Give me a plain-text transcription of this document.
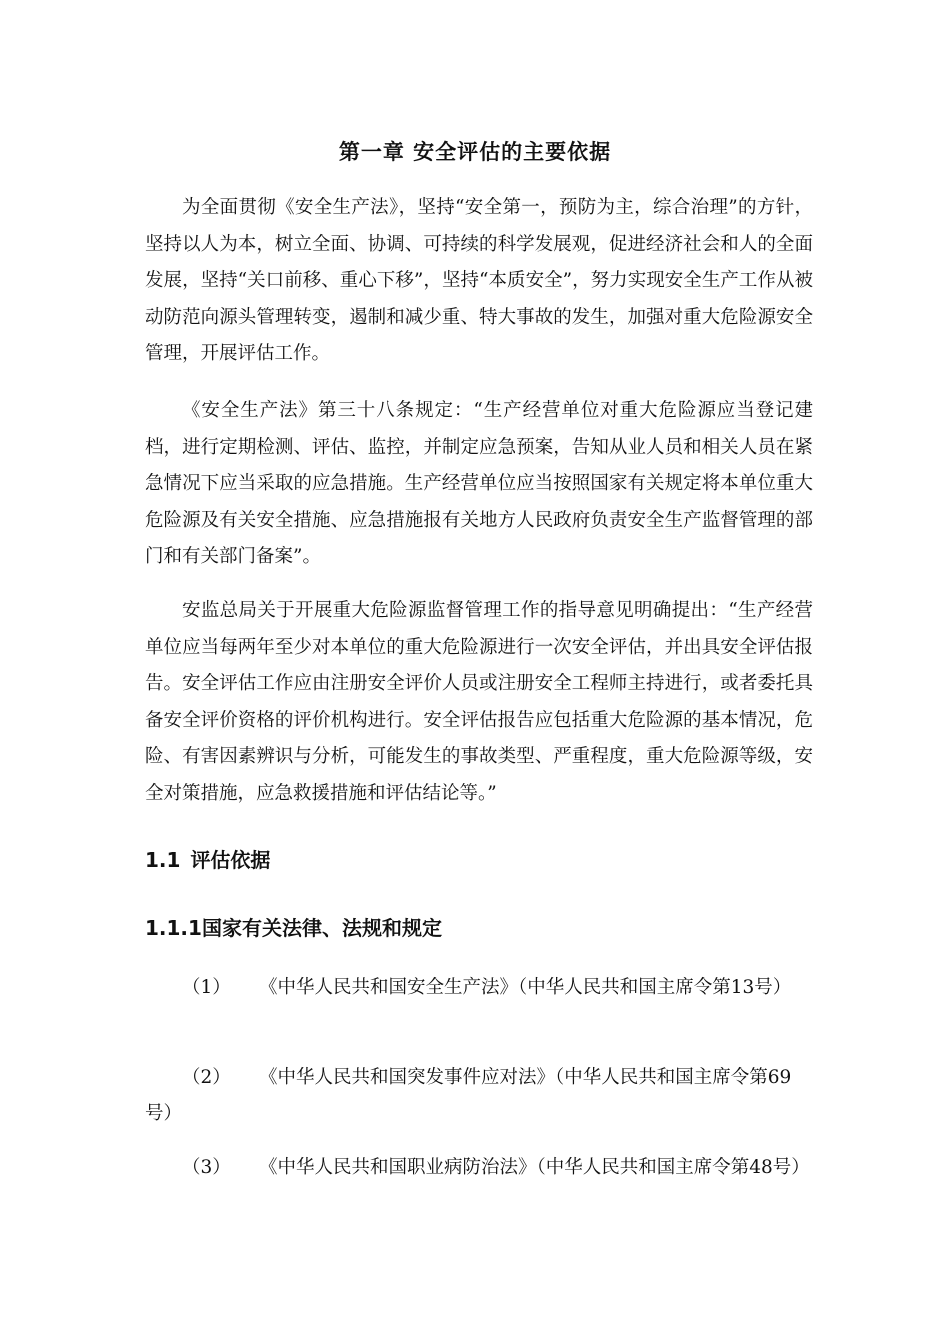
第一章 安全评估的主要依据

为全面贯彻《安全生产法》，坚持“安全第一，预防为主，综合治理”的方针，坚持以人为本，树立全面、协调、可持续的科学发展观，促进经济社会和人的全面发展，坚持“关口前移、重心下移”，坚持“本质安全”，努力实现安全生产工作从被动防范向源头管理转变，遏制和减少重、特大事故的发生，加强对重大危险源安全管理，开展评估工作。

《安全生产法》第三十八条规定：“生产经营单位对重大危险源应当登记建档，进行定期检测、评估、监控，并制定应急预案，告知从业人员和相关人员在紧急情况下应当采取的应急措施。生产经营单位应当按照国家有关规定将本单位重大危险源及有关安全措施、应急措施报有关地方人民政府负责安全生产监督管理的部门和有关部门备案”。

安监总局关于开展重大危险源监督管理工作的指导意见明确提出：“生产经营单位应当每两年至少对本单位的重大危险源进行一次安全评估，并出具安全评估报告。安全评估工作应由注册安全评价人员或注册安全工程师主持进行，或者委托具备安全评价资格的评价机构进行。安全评估报告应包括重大危险源的基本情况，危险、有害因素辨识与分析，可能发生的事故类型、严重程度，重大危险源等级，安全对策措施，应急救援措施和评估结论等。”

1.1 评估依据
1.1.1国家有关法律、法规和规定

（1） 《中华人民共和国安全生产法》（中华人民共和国主席令第13号）

（2） 《中华人民共和国突发事件应对法》（中华人民共和国主席令第69号）

（3） 《中华人民共和国职业病防治法》（中华人民共和国主席令第48号）
